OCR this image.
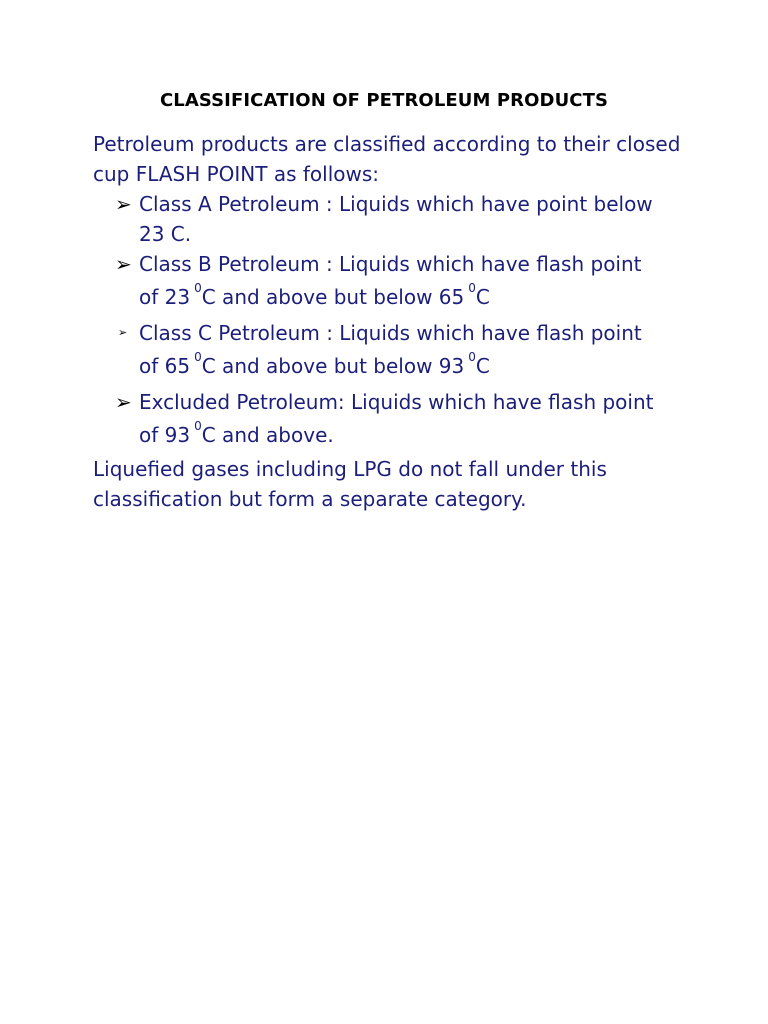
CLASSIFICATION OF PETROLEUM PRODUCTS
Petroleum products are classified according to their closed cup FLASH POINT as follows:
➢ Class A Petroleum : Liquids which have point below
23 C.
➢ Class B Petroleum : Liquids which have flash point
of 23 $^0$C and above but below 65 $^0$C
➢ Class C Petroleum : Liquids which have flash point
of 65 $^0$C and above but below 93 $^0$C
➢ Excluded Petroleum: Liquids which have flash point
of 93 $^0$C and above.
Liquefied gases including LPG do not fall under this classification but form a separate category.
